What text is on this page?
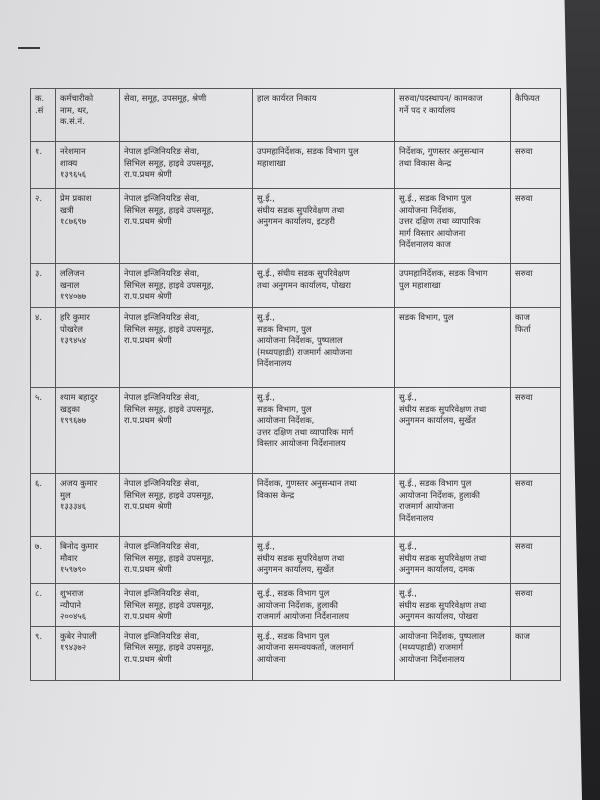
क.
.सं	कर्मचारीको
नाम, थर,
क.सं.नं.	सेवा, समूह, उपसमूह, श्रेणी	हाल कार्यरत निकाय	सरुवा/पदस्थापन/ कामकाज
गर्ने पद र कार्यालय	कैफियत
१.	नरेशमान
शाक्य
१३९६५६	नेपाल इन्जिनियरिङ सेवा,
सिभिल समूह, हाइवे उपसमूह,
रा.प.प्रथम श्रेणी	उपमहानिर्देशक, सडक विभाग पुल
महाशाखा	निर्देशक, गुणस्तर अनुसन्धान
तथा विकास केन्द्र	सरुवा
२.	प्रेम प्रकाश
खत्री
१८७६९७	नेपाल इन्जिनियरिङ सेवा,
सिभिल समूह, हाइवे उपसमूह,
रा.प.प्रथम श्रेणी	सु.ई.,
संघीय सडक सुपरिवेक्षण तथा
अनुगमन कार्यालय, इटहरी	सु.ई., सडक विभाग पुल
आयोजना निर्देशक,
उत्तर दक्षिण तथा व्यापारिक
मार्ग विस्तार आयोजना
निर्देशनालय काज	सरुवा
३.	ललिजन
खनाल
१९४०७७	नेपाल इन्जिनियरिङ सेवा,
सिभिल समूह, हाइवे उपसमूह,
रा.प.प्रथम श्रेणी	सु.ई., संघीय सडक सुपरिवेक्षण
तथा अनुगमन कार्यालय, पोखरा	उपमहानिर्देशक, सडक विभाग
पुल महाशाखा	सरुवा
४.	हरि कुमार
पोखरेल
१३९४५४	नेपाल इन्जिनियरिङ सेवा,
सिभिल समूह, हाइवे उपसमूह,
रा.प.प्रथम श्रेणी	सु.ई.,
सडक विभाग, पुल
आयोजना निर्देशक, पुष्पलाल
(मध्यपहाडी) राजमार्ग आयोजना
निर्देशनालय	सडक विभाग, पुल	काज
फिर्ता
५.	श्याम बहादुर
खड्का
१९९६७७	नेपाल इन्जिनियरिङ सेवा,
सिभिल समूह, हाइवे उपसमूह,
रा.प.प्रथम श्रेणी	सु.ई.,
सडक विभाग, पुल
आयोजना निर्देशक,
उत्तर दक्षिण तथा व्यापारिक मार्ग
विस्तार आयोजना निर्देशनालय	सु.ई.,
संघीय सडक सुपरिवेक्षण तथा
अनुगमन कार्यालय, सुर्खेत	सरुवा
६.	अजय कुमार
मुल
१३३३४६	नेपाल इन्जिनियरिङ सेवा,
सिभिल समूह, हाइवे उपसमूह,
रा.प.प्रथम श्रेणी	निर्देशक, गुणस्तर अनुसन्धान तथा
विकास केन्द्र	सु.ई., सडक विभाग पुल
आयोजना निर्देशक, हुलाकी
राजमार्ग आयोजना
निर्देशनालय	सरुवा
७.	बिनोद कुमार
मौवार
१५९७९०	नेपाल इन्जिनियरिङ सेवा,
सिभिल समूह, हाइवे उपसमूह,
रा.प.प्रथम श्रेणी	सु.ई.,
संघीय सडक सुपरिवेक्षण तथा
अनुगमन कार्यालय, सुर्खेत	सु.ई.,
संघीय सडक सुपरिवेक्षण तथा
अनुगमन कार्यालय, दमक	सरुवा
८.	शुभराज
न्यौपाने
२००४५६	नेपाल इन्जिनियरिङ सेवा,
सिभिल समूह, हाइवे उपसमूह,
रा.प.प्रथम श्रेणी	सु.ई., सडक विभाग पुल
आयोजना निर्देशक, हुलाकी
राजमार्ग आयोजना निर्देशनालय	सु.ई.,
संघीय सडक सुपरिवेक्षण तथा
अनुगमन कार्यालय, पोखरा	सरुवा
९.	कुबेर नेपाली
१९४३७२	नेपाल इन्जिनियरिङ सेवा,
सिभिल समूह, हाइवे उपसमूह,
रा.प.प्रथम श्रेणी	सु.ई., सडक विभाग पुल
आयोजना समन्वयकर्ता, जलमार्ग
आयोजना	आयोजना निर्देशक, पुष्पलाल
(मध्यपहाडी) राजमार्ग
आयोजना निर्देशनालय	काज
